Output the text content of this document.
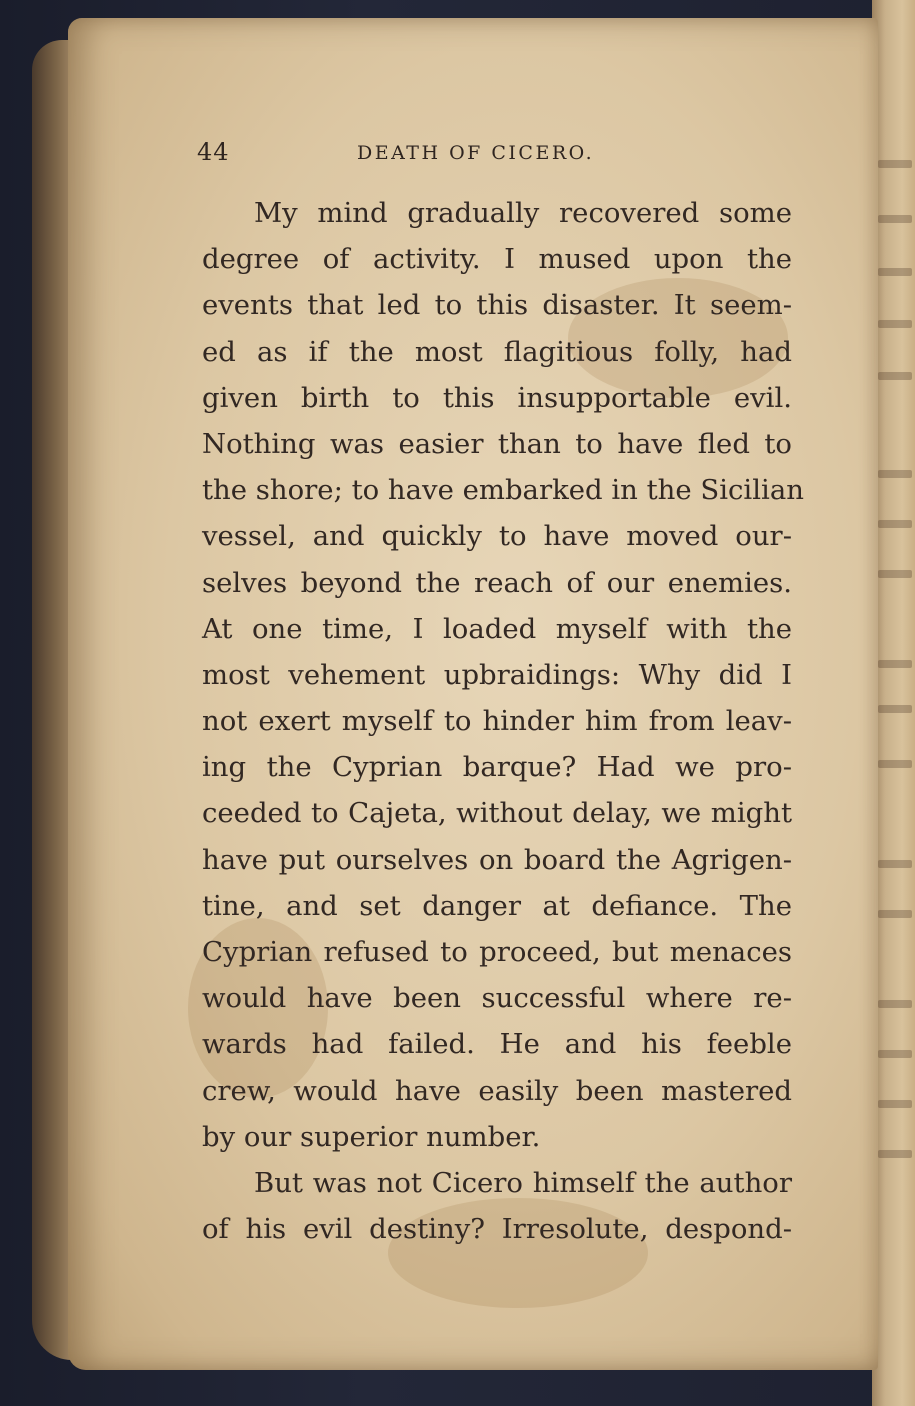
44	DEATH OF CICERO.
My mind gradually recovered some
degree of activity. I mused upon the
events that led to this disaster. It seem-
ed as if the most flagitious folly, had
given birth to this insupportable evil.
Nothing was easier than to have fled to
the shore; to have embarked in the Sicilian
vessel, and quickly to have moved our-
selves beyond the reach of our enemies.
At one time, I loaded myself with the
most vehement upbraidings: Why did I
not exert myself to hinder him from leav-
ing the Cyprian barque? Had we pro-
ceeded to Cajeta, without delay, we might
have put ourselves on board the Agrigen-
tine, and set danger at defiance. The
Cyprian refused to proceed, but menaces
would have been successful where re-
wards had failed. He and his feeble
crew, would have easily been mastered
by our superior number.
But was not Cicero himself the author
of his evil destiny? Irresolute, despond-
